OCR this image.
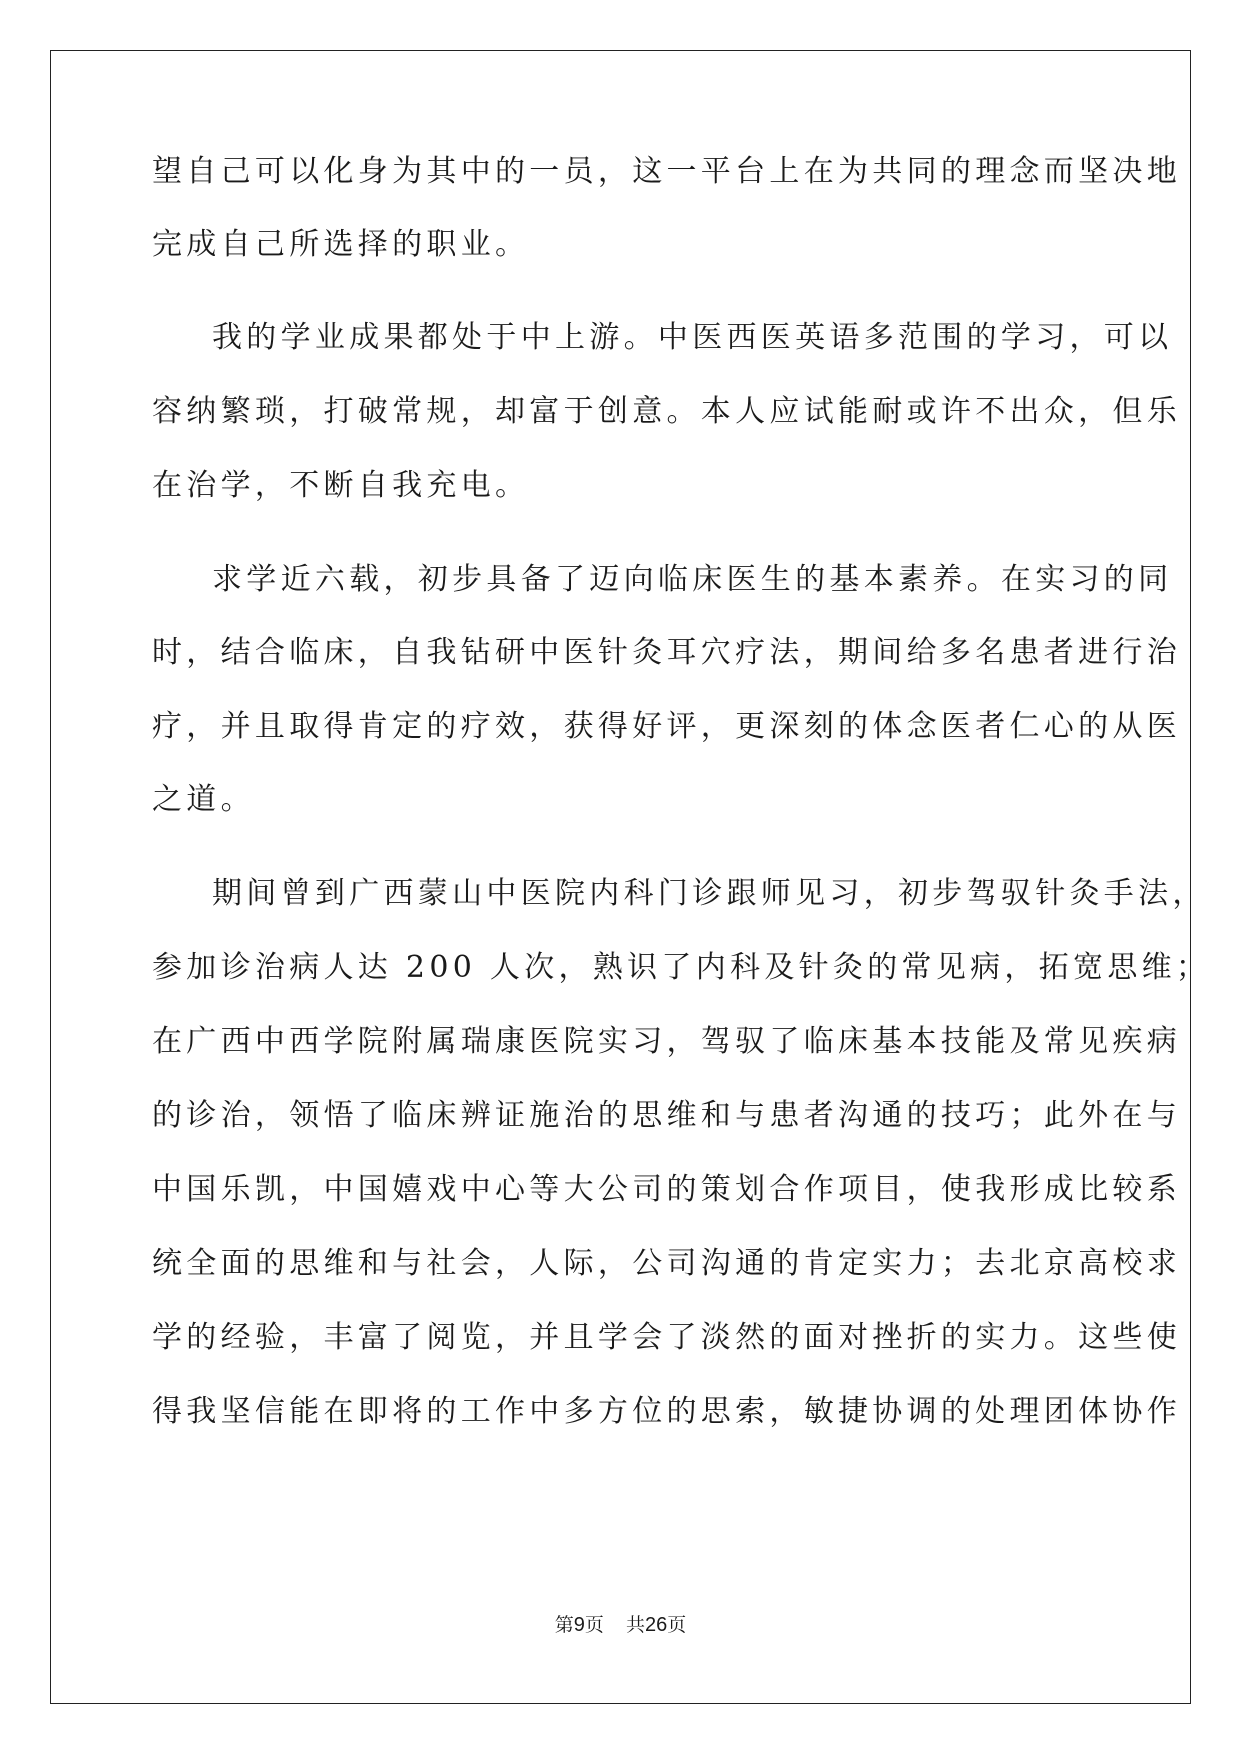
望自己可以化身为其中的一员，这一平台上在为共同的理念而坚决地

完成自己所选择的职业。

我的学业成果都处于中上游。中医西医英语多范围的学习，可以

容纳繁琐，打破常规，却富于创意。本人应试能耐或许不出众，但乐

在治学，不断自我充电。

求学近六载，初步具备了迈向临床医生的基本素养。在实习的同

时，结合临床，自我钻研中医针灸耳穴疗法，期间给多名患者进行治

疗，并且取得肯定的疗效，获得好评，更深刻的体念医者仁心的从医

之道。

期间曾到广西蒙山中医院内科门诊跟师见习，初步驾驭针灸手法，

参加诊治病人达 200 人次，熟识了内科及针灸的常见病，拓宽思维；

在广西中西学院附属瑞康医院实习，驾驭了临床基本技能及常见疾病

的诊治，领悟了临床辨证施治的思维和与患者沟通的技巧；此外在与

中国乐凯，中国嬉戏中心等大公司的策划合作项目，使我形成比较系

统全面的思维和与社会，人际，公司沟通的肯定实力；去北京高校求

学的经验，丰富了阅览，并且学会了淡然的面对挫折的实力。这些使

得我坚信能在即将的工作中多方位的思索，敏捷协调的处理团体协作

第9页 共26页
